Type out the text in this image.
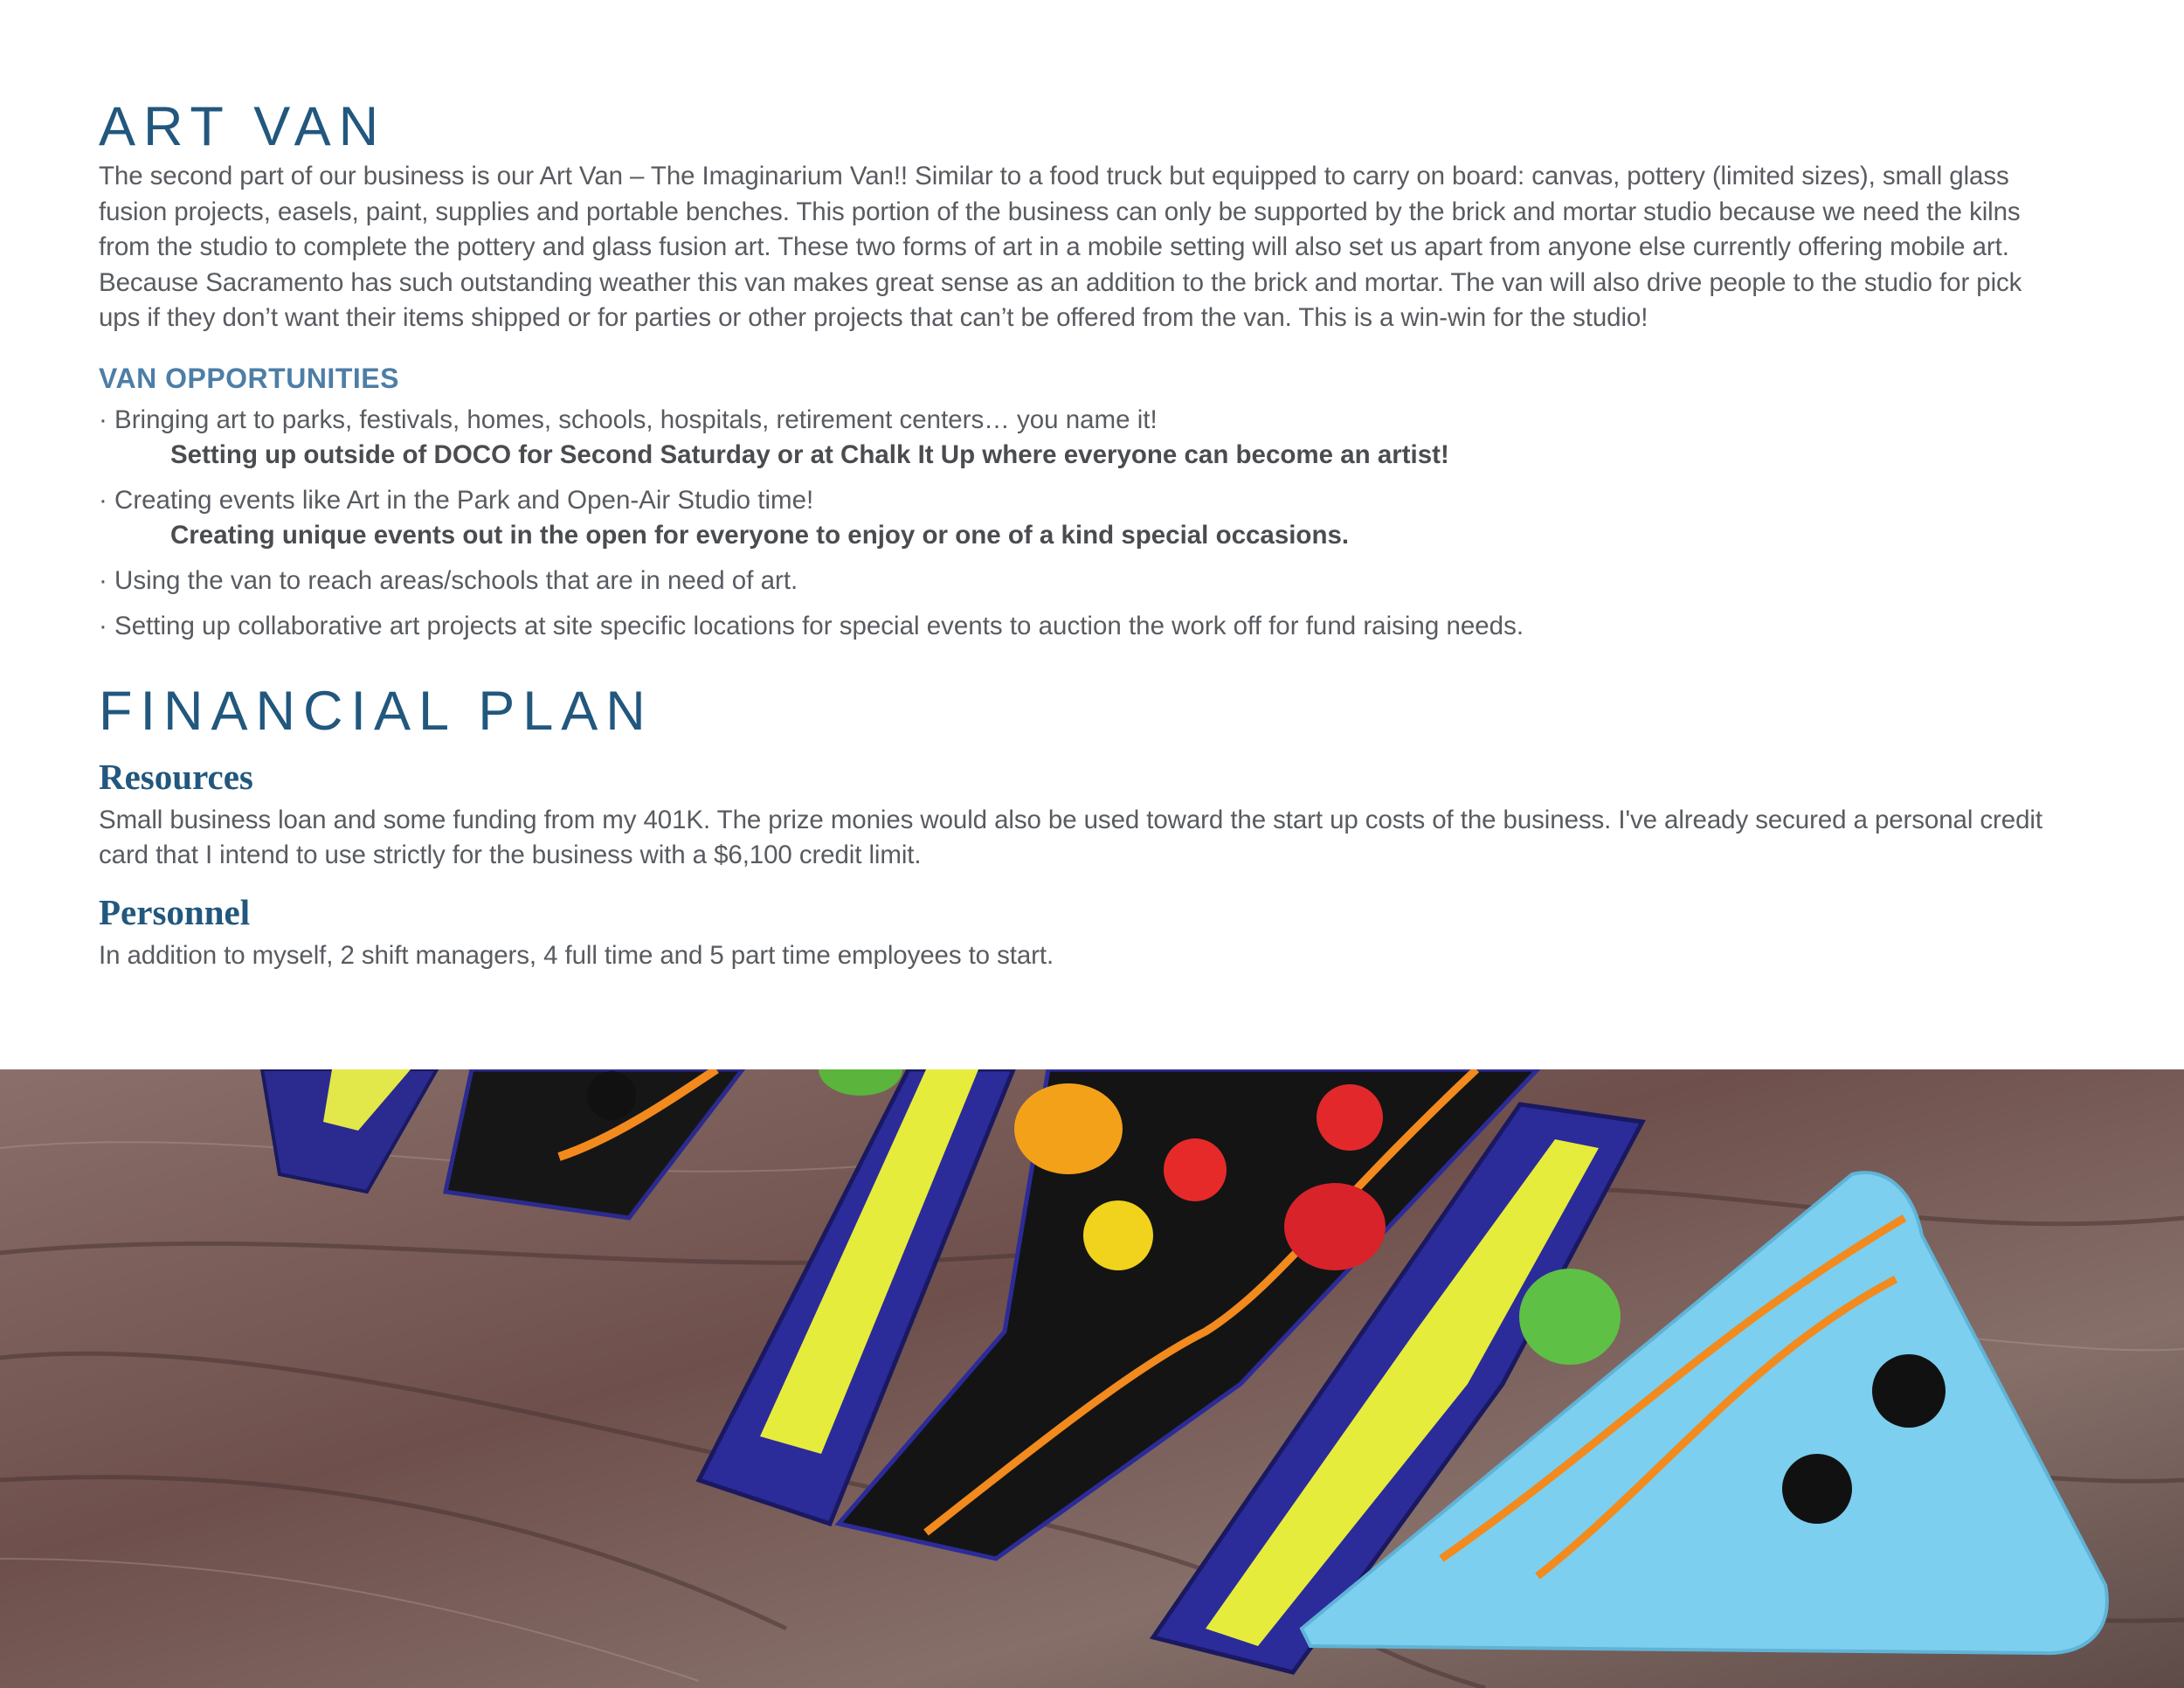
ART VAN

The second part of our business is our Art Van – The Imaginarium Van!! Similar to a food truck but equipped to carry on board: canvas, pottery (limited sizes), small glass fusion projects, easels, paint, supplies and portable benches. This portion of the business can only be supported by the brick and mortar studio because we need the kilns from the studio to complete the pottery and glass fusion art. These two forms of art in a mobile setting will also set us apart from anyone else currently offering mobile art. Because Sacramento has such outstanding weather this van makes great sense as an addition to the brick and mortar. The van will also drive people to the studio for pick ups if they don’t want their items shipped or for parties or other projects that can’t be offered from the van. This is a win-win for the studio!

VAN OPPORTUNITIES

· Bringing art to parks, festivals, homes, schools, hospitals, retirement centers… you name it!

Setting up outside of DOCO for Second Saturday or at Chalk It Up where everyone can become an artist!

· Creating events like Art in the Park and Open-Air Studio time!

Creating unique events out in the open for everyone to enjoy or one of a kind special occasions.

· Using the van to reach areas/schools that are in need of art.

· Setting up collaborative art projects at site specific locations for special events to auction the work off for fund raising needs.

FINANCIAL PLAN
Resources

Small business loan and some funding from my 401K. The prize monies would also be used toward the start up costs of the business. I've already secured a personal credit card that I intend to use strictly for the business with a $6,100 credit limit.

Personnel

In addition to myself, 2 shift managers, 4 full time and 5 part time employees to start.
